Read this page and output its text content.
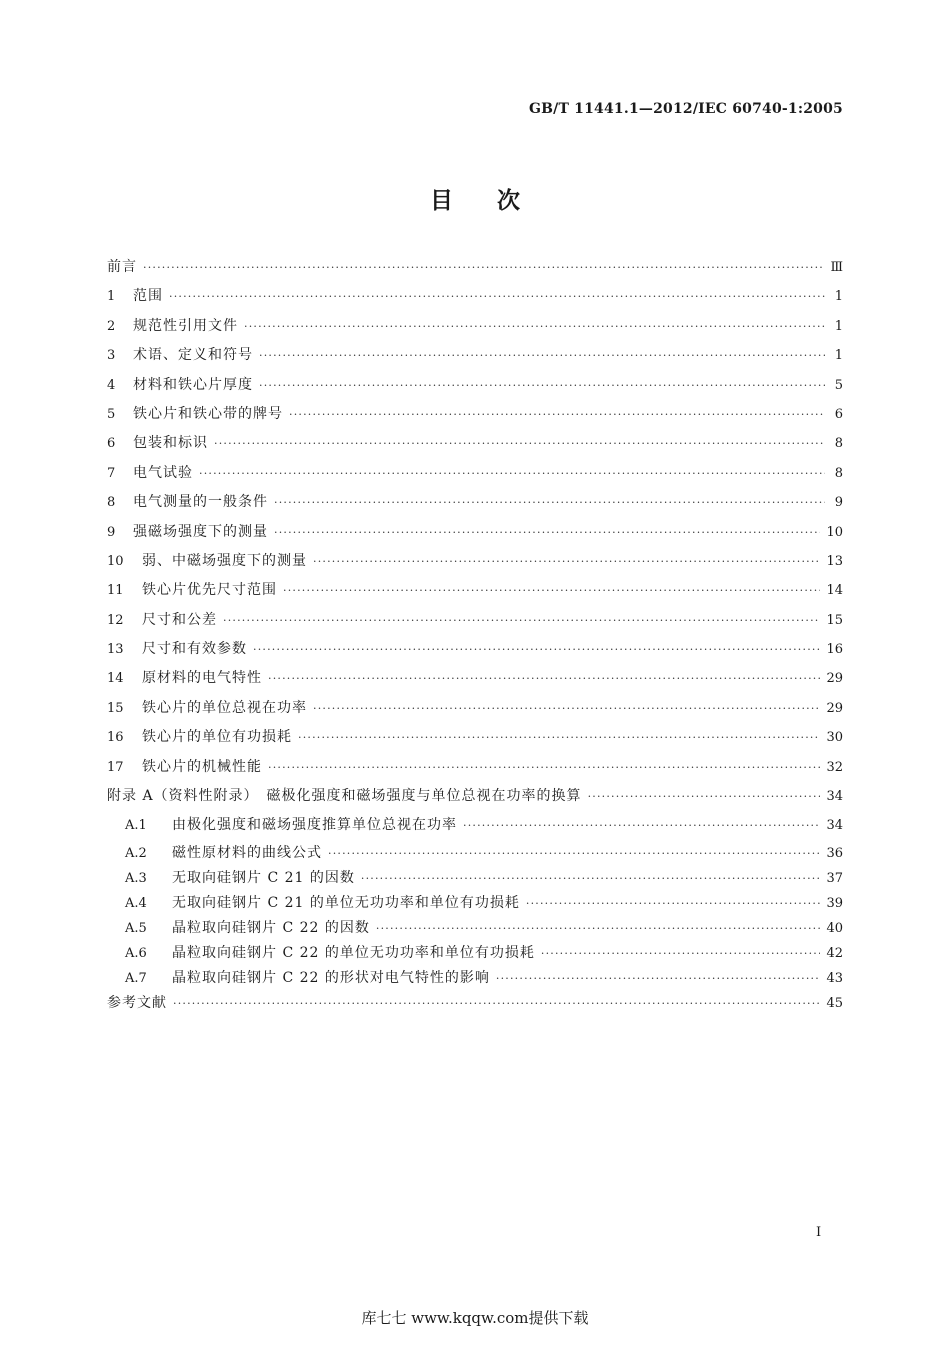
GB/T 11441.1—2012/IEC 60740-1:2005
目次
前言 ·····	Ⅲ
1	范围 ·····	1
2	规范性引用文件 ·····	1
3	术语、定义和符号 ·····	1
4	材料和铁心片厚度 ·····	5
5	铁心片和铁心带的牌号 ·····	6
6	包装和标识 ·····	8
7	电气试验 ·····	8
8	电气测量的一般条件 ·····	9
9	强磁场强度下的测量 ·····	10
10	弱、中磁场强度下的测量 ·····	13
11	铁心片优先尺寸范围 ·····	14
12	尺寸和公差 ·····	15
13	尺寸和有效参数 ·····	16
14	原材料的电气特性 ·····	29
15	铁心片的单位总视在功率 ·····	29
16	铁心片的单位有功损耗 ·····	30
17	铁心片的机械性能 ·····	32
附录 A（资料性附录）　磁极化强度和磁场强度与单位总视在功率的换算 ·····	34
A.1	由极化强度和磁场强度推算单位总视在功率 ·····	34
A.2	磁性原材料的曲线公式 ·····	36
A.3	无取向硅钢片 C 21 的因数 ·····	37
A.4	无取向硅钢片 C 21 的单位无功功率和单位有功损耗 ·····	39
A.5	晶粒取向硅钢片 C 22 的因数 ·····	40
A.6	晶粒取向硅钢片 C 22 的单位无功功率和单位有功损耗 ·····	42
A.7	晶粒取向硅钢片 C 22 的形状对电气特性的影响 ·····	43
参考文献 ·····	45
I
库七七 www.kqqw.com提供下载
